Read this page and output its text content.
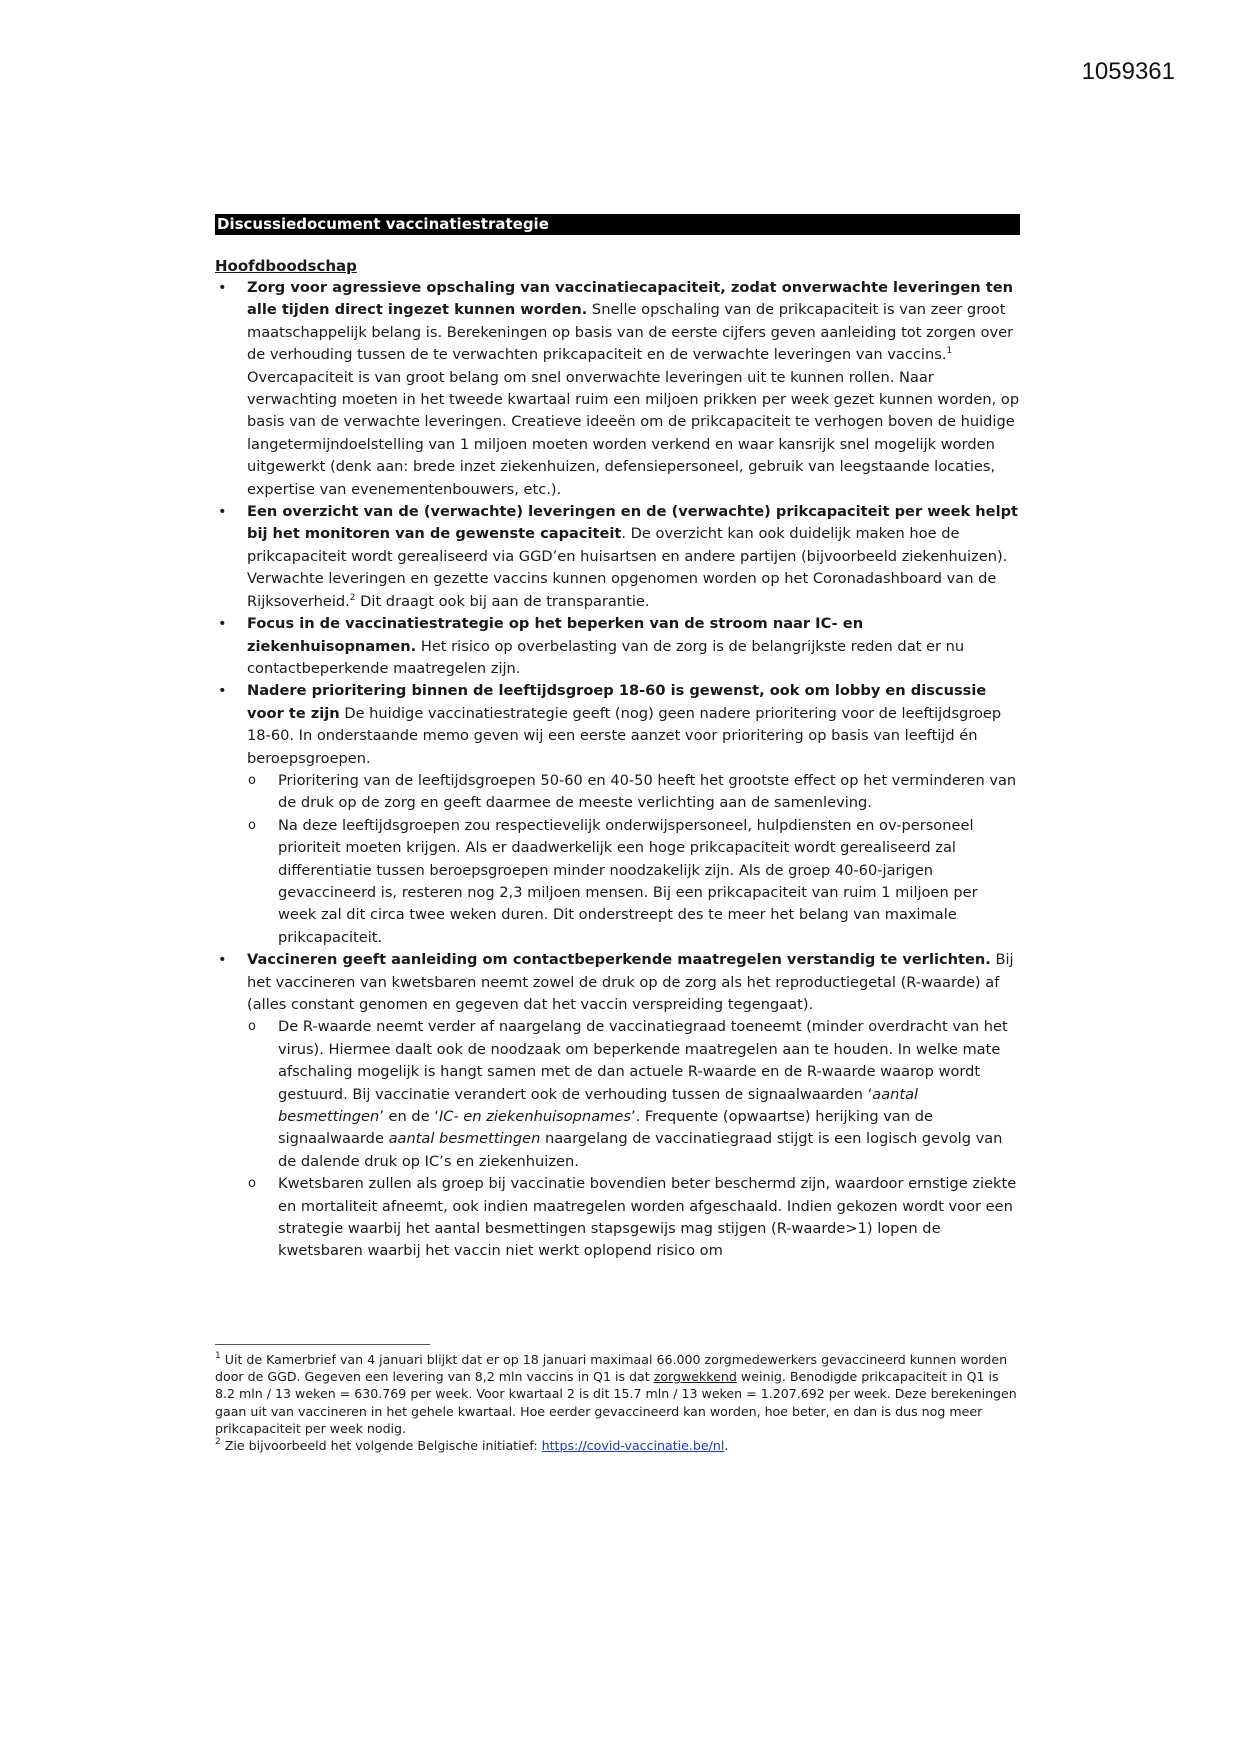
1059361
Discussiedocument vaccinatiestrategie
Hoofdboodschap
• Zorg voor agressieve opschaling van vaccinatiecapaciteit, zodat onverwachte leveringen ten alle tijden direct ingezet kunnen worden. Snelle opschaling van de prikcapaciteit is van zeer groot maatschappelijk belang is. Berekeningen op basis van de eerste cijfers geven aanleiding tot zorgen over de verhouding tussen de te verwachten prikcapaciteit en de verwachte leveringen van vaccins.$^1$ Overcapaciteit is van groot belang om snel onverwachte leveringen uit te kunnen rollen. Naar verwachting moeten in het tweede kwartaal ruim een miljoen prikken per week gezet kunnen worden, op basis van de verwachte leveringen. Creatieve ideeën om de prikcapaciteit te verhogen boven de huidige langetermijndoelstelling van 1 miljoen moeten worden verkend en waar kansrijk snel mogelijk worden uitgewerkt (denk aan: brede inzet ziekenhuizen, defensiepersoneel, gebruik van leegstaande locaties, expertise van evenementenbouwers, etc.).
• Een overzicht van de (verwachte) leveringen en de (verwachte) prikcapaciteit per week helpt bij het monitoren van de gewenste capaciteit. De overzicht kan ook duidelijk maken hoe de prikcapaciteit wordt gerealiseerd via GGD’en huisartsen en andere partijen (bijvoorbeeld ziekenhuizen). Verwachte leveringen en gezette vaccins kunnen opgenomen worden op het Coronadashboard van de Rijksoverheid.$^2$ Dit draagt ook bij aan de transparantie.
• Focus in de vaccinatiestrategie op het beperken van de stroom naar IC- en ziekenhuisopnamen. Het risico op overbelasting van de zorg is de belangrijkste reden dat er nu contactbeperkende maatregelen zijn.
• Nadere prioritering binnen de leeftijdsgroep 18-60 is gewenst, ook om lobby en discussie voor te zijn De huidige vaccinatiestrategie geeft (nog) geen nadere prioritering voor de leeftijdsgroep 18-60. In onderstaande memo geven wij een eerste aanzet voor prioritering op basis van leeftijd én beroepsgroepen.
o Prioritering van de leeftijdsgroepen 50-60 en 40-50 heeft het grootste effect op het verminderen van de druk op de zorg en geeft daarmee de meeste verlichting aan de samenleving.
o Na deze leeftijdsgroepen zou respectievelijk onderwijspersoneel, hulpdiensten en ov-personeel prioriteit moeten krijgen. Als er daadwerkelijk een hoge prikcapaciteit wordt gerealiseerd zal differentiatie tussen beroepsgroepen minder noodzakelijk zijn. Als de groep 40-60-jarigen gevaccineerd is, resteren nog 2,3 miljoen mensen. Bij een prikcapaciteit van ruim 1 miljoen per week zal dit circa twee weken duren. Dit onderstreept des te meer het belang van maximale prikcapaciteit.
• Vaccineren geeft aanleiding om contactbeperkende maatregelen verstandig te verlichten. Bij het vaccineren van kwetsbaren neemt zowel de druk op de zorg als het reproductiegetal (R-waarde) af (alles constant genomen en gegeven dat het vaccin verspreiding tegengaat).
o De R-waarde neemt verder af naargelang de vaccinatiegraad toeneemt (minder overdracht van het virus). Hiermee daalt ook de noodzaak om beperkende maatregelen aan te houden. In welke mate afschaling mogelijk is hangt samen met de dan actuele R-waarde en de R-waarde waarop wordt gestuurd. Bij vaccinatie verandert ook de verhouding tussen de signaalwaarden ‘aantal besmettingen’ en de ‘IC- en ziekenhuisopnames’. Frequente (opwaartse) herijking van de signaalwaarde aantal besmettingen naargelang de vaccinatiegraad stijgt is een logisch gevolg van de dalende druk op IC’s en ziekenhuizen.
o Kwetsbaren zullen als groep bij vaccinatie bovendien beter beschermd zijn, waardoor ernstige ziekte en mortaliteit afneemt, ook indien maatregelen worden afgeschaald. Indien gekozen wordt voor een strategie waarbij het aantal besmettingen stapsgewijs mag stijgen (R-waarde>1) lopen de kwetsbaren waarbij het vaccin niet werkt oplopend risico om
$^1$ Uit de Kamerbrief van 4 januari blijkt dat er op 18 januari maximaal 66.000 zorgmedewerkers gevaccineerd kunnen worden door de GGD. Gegeven een levering van 8,2 mln vaccins in Q1 is dat zorgwekkend weinig. Benodigde prikcapaciteit in Q1 is 8.2 mln / 13 weken = 630.769 per week. Voor kwartaal 2 is dit 15.7 mln / 13 weken = 1.207.692 per week. Deze berekeningen gaan uit van vaccineren in het gehele kwartaal. Hoe eerder gevaccineerd kan worden, hoe beter, en dan is dus nog meer prikcapaciteit per week nodig.
$^2$ Zie bijvoorbeeld het volgende Belgische initiatief: https://covid-vaccinatie.be/nl.
